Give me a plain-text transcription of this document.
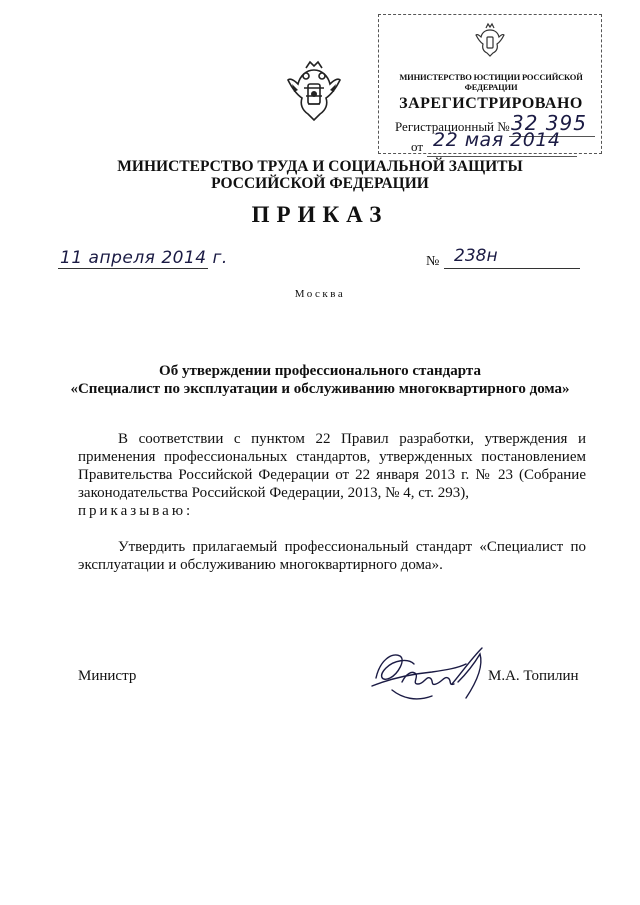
МИНИСТЕРСТВО ЮСТИЦИИ РОССИЙСКОЙ ФЕДЕРАЦИИ
ЗАРЕГИСТРИРОВАНО
Регистрационный № 32 395
от 22 мая 2014
МИНИСТЕРСТВО ТРУДА И СОЦИАЛЬНОЙ ЗАЩИТЫ
РОССИЙСКОЙ ФЕДЕРАЦИИ
ПРИКАЗ
11 апреля 2014 г.	№ 238н
Москва
Об утверждении профессионального стандарта
«Специалист по эксплуатации и обслуживанию многоквартирного дома»

В соответствии с пунктом 22 Правил разработки, утверждения и применения профессиональных стандартов, утвержденных постановлением Правительства Российской Федерации от 22 января 2013 г. № 23 (Собрание законодательства Российской Федерации, 2013, № 4, ст. 293),

приказываю:
Утвердить прилагаемый профессиональный стандарт «Специалист по эксплуатации и обслуживанию многоквартирного дома».
Министр	М.А. Топилин
